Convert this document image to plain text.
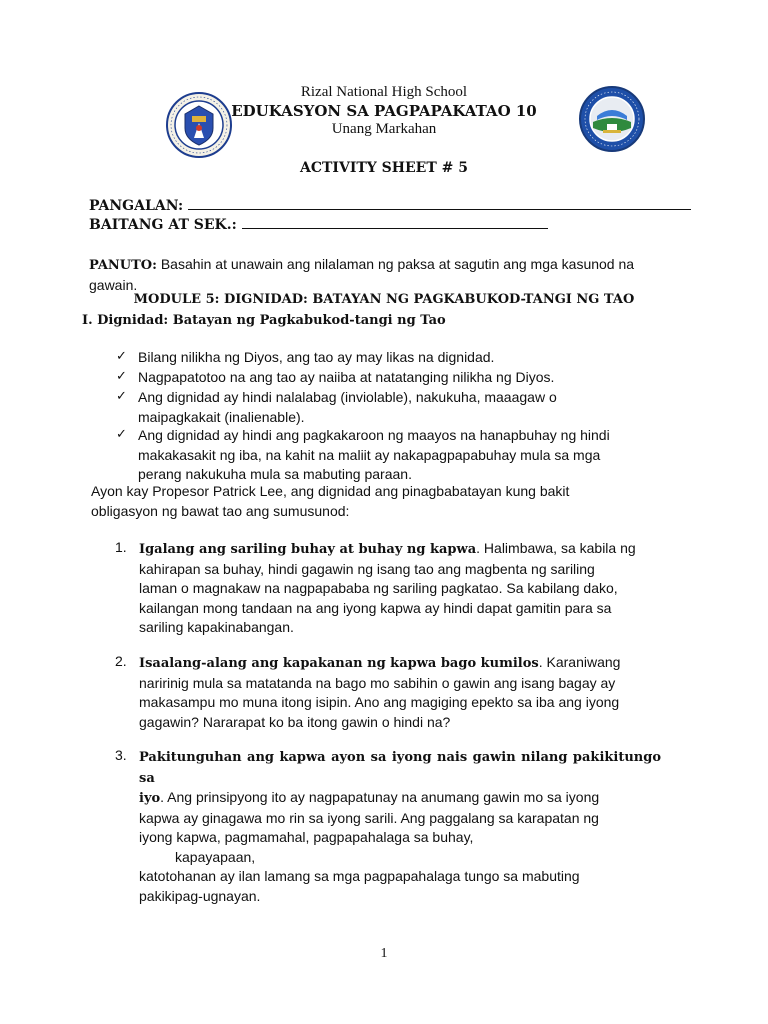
Rizal National High School
EDUKASYON SA PAGPAPAKATAO 10
Unang Markahan
ACTIVITY SHEET # 5
PANGALAN:
BAITANG AT SEK.:
PANUTO: Basahin at unawain ang nilalaman ng paksa at sagutin ang mga kasunod na
gawain.
MODULE 5: DIGNIDAD: BATAYAN NG PAGKABUKOD-TANGI NG TAO
I. Dignidad: Batayan ng Pagkabukod-tangi ng Tao
✓ Bilang nilikha ng Diyos, ang tao ay may likas na dignidad.
✓ Nagpapatotoo na ang tao ay naiiba at natatanging nilikha ng Diyos.
✓ Ang dignidad ay hindi nalalabag (inviolable), nakukuha, maaagaw o
maipagkakait (inalienable).
✓ Ang dignidad ay hindi ang pagkakaroon ng maayos na hanapbuhay ng hindi
makakasakit ng iba, na kahit na maliit ay nakapagpapabuhay mula sa mga
perang nakukuha mula sa mabuting paraan.
Ayon kay Propesor Patrick Lee, ang dignidad ang pinagbabatayan kung bakit
obligasyon ng bawat tao ang sumusunod:
1. Igalang ang sariling buhay at buhay ng kapwa. Halimbawa, sa kabila ng
kahirapan sa buhay, hindi gagawin ng isang tao ang magbenta ng sariling
laman o magnakaw na nagpapababa ng sariling pagkatao. Sa kabilang dako,
kailangan mong tandaan na ang iyong kapwa ay hindi dapat gamitin para sa
sariling kapakinabangan.
2. Isaalang-alang ang kapakanan ng kapwa bago kumilos. Karaniwang
naririnig mula sa matatanda na bago mo sabihin o gawin ang isang bagay ay
makasampu mo muna itong isipin. Ano ang magiging epekto sa iba ang iyong
gagawin? Nararapat ko ba itong gawin o hindi na?
3. Pakitunguhan ang kapwa ayon sa iyong nais gawin nilang pakikitungo sa
iyo. Ang prinsipyong ito ay nagpapatunay na anumang gawin mo sa iyong
kapwa ay ginagawa mo rin sa iyong sarili. Ang paggalang sa karapatan ng
iyong kapwa, pagmamahal, pagpapahalaga sa buhay,
kapayapaan,
katotohanan ay ilan lamang sa mga pagpapahalaga tungo sa mabuting
pakikipag-ugnayan.
1
